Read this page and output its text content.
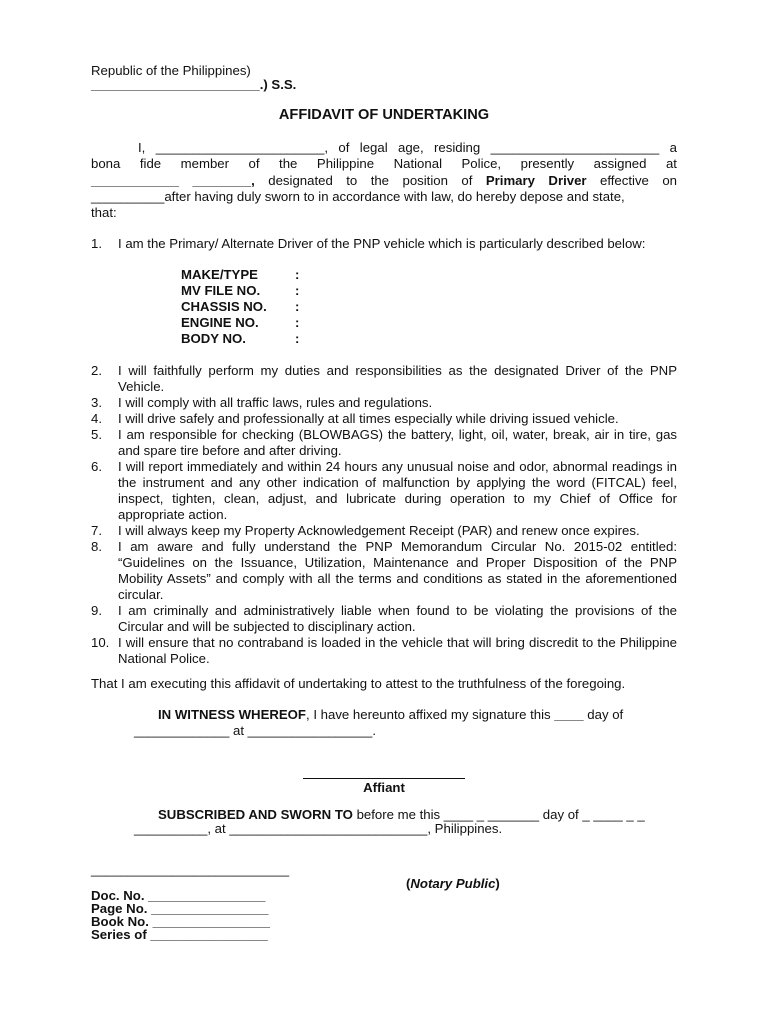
Republic of the Philippines)
_______________________.) S.S.
AFFIDAVIT OF UNDERTAKING
I, _______________________, of legal age, residing _______________________ a
bona fide member of the Philippine National Police, presently assigned at
____________ ________, designated to the position of Primary Driver effective on
__________after having duly sworn to in accordance with law, do hereby depose and state,
that:
1. I am the Primary/ Alternate Driver of the PNP vehicle which is particularly described below:
MAKE/TYPE	:
MV FILE NO.	:
CHASSIS NO.	:
ENGINE NO.	:
BODY NO.	:
2.	I will faithfully perform my duties and responsibilities as the designated Driver of the PNP Vehicle.
3.	I will comply with all traffic laws, rules and regulations.
4.	I will drive safely and professionally at all times especially while driving issued vehicle.
5.	I am responsible for checking (BLOWBAGS) the battery, light, oil, water, break, air in tire, gas and spare tire before and after driving.
6.	I will report immediately and within 24 hours any unusual noise and odor, abnormal readings in the instrument and any other indication of malfunction by applying the word (FITCAL) feel, inspect, tighten, clean, adjust, and lubricate during operation to my Chief of Office for appropriate action.
7.	I will always keep my Property Acknowledgement Receipt (PAR) and renew once expires.
8.	I am aware and fully understand the PNP Memorandum Circular No. 2015-02 entitled: “Guidelines on the Issuance, Utilization, Maintenance and Proper Disposition of the PNP Mobility Assets” and comply with all the terms and conditions as stated in the aforementioned circular.
9.	I am criminally and administratively liable when found to be violating the provisions of the Circular and will be subjected to disciplinary action.
10. I will ensure that no contraband is loaded in the vehicle that will bring discredit to the Philippine National Police.
That I am executing this affidavit of undertaking to attest to the truthfulness of the foregoing.
IN WITNESS WHEREOF, I have hereunto affixed my signature this ____ day of
_____________ at _________________.
Affiant
SUBSCRIBED AND SWORN TO before me this ____ _ _______ day of _ ____ _ _
__________, at ___________________________, Philippines.
___________________________
(Notary Public)
Doc. No. ________________
Page No. ________________
Book No. ________________
Series of ________________
